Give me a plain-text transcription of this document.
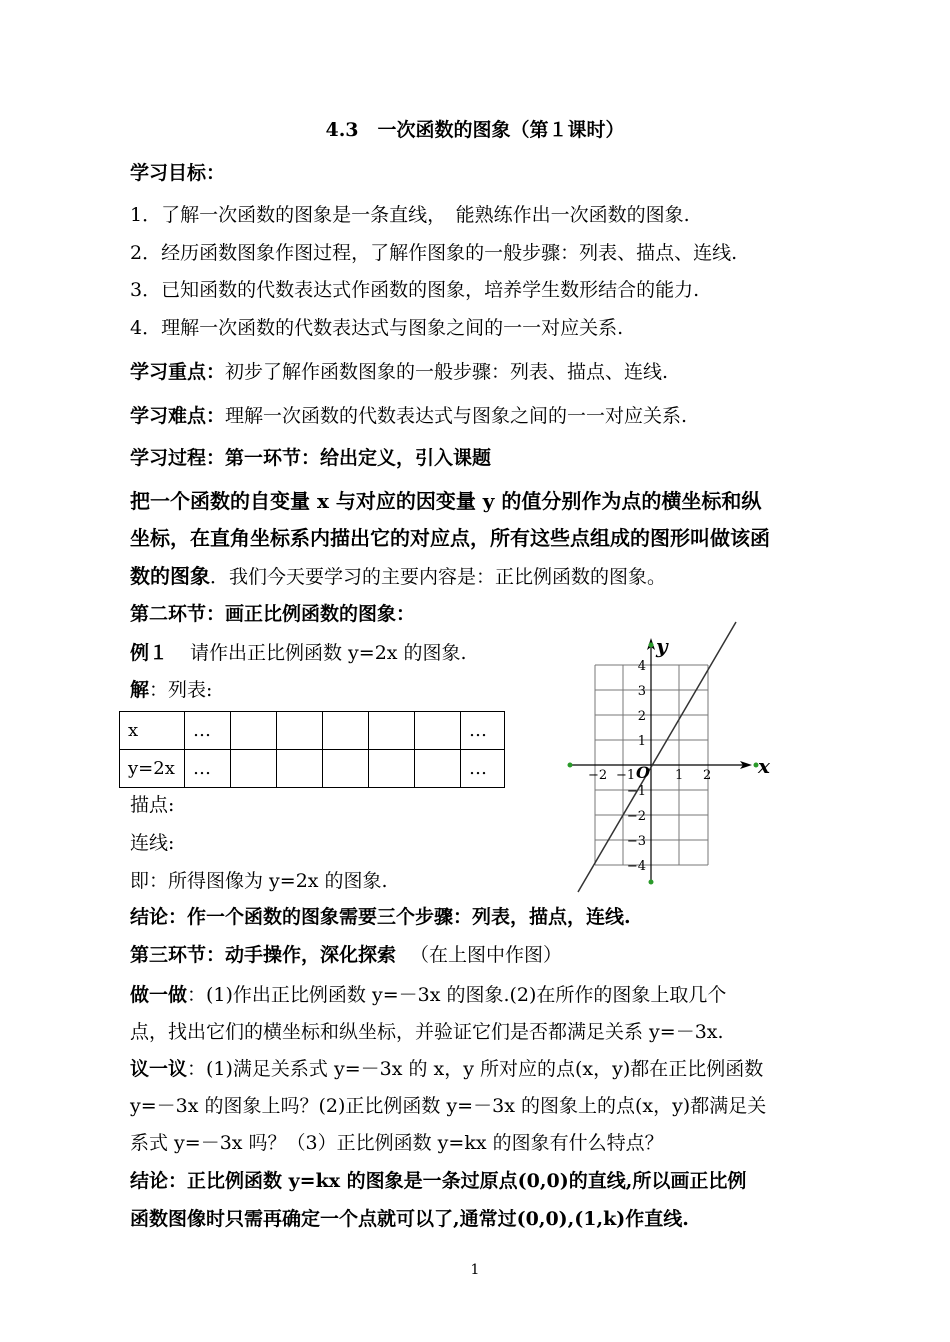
4.3　一次函数的图象（第１课时）
学习目标：
1．了解一次函数的图象是一条直线，　能熟练作出一次函数的图象.
2．经历函数图象作图过程，了解作图象的一般步骤：列表、描点、连线.
3．已知函数的代数表达式作函数的图象，培养学生数形结合的能力.
4．理解一次函数的代数表达式与图象之间的一一对应关系.
学习重点：初步了解作函数图象的一般步骤：列表、描点、连线.
学习难点：理解一次函数的代数表达式与图象之间的一一对应关系.
学习过程：第一环节：给出定义，引入课题
把一个函数的自变量 x 与对应的因变量 y 的值分别作为点的横坐标和纵
坐标，在直角坐标系内描出它的对应点，所有这些点组成的图形叫做该函
数的图象．我们今天要学习的主要内容是：正比例函数的图象。
第二环节：画正比例函数的图象：
例１ 请作出正比例函数 y=2x 的图象.
解：列表:
x	…						…
y=2x	…						…
描点:
连线:
即：所得图像为 y=2x 的图象.
y
x
O
−2 −1	1 2
4
3
2
1
−1
−2
−3
−4
结论：作一个函数的图象需要三个步骤：列表，描点，连线.
第三环节：动手操作，深化探索 （在上图中作图）
做一做：(1)作出正比例函数 y=－3x 的图象.(2)在所作的图象上取几个
点，找出它们的横坐标和纵坐标，并验证它们是否都满足关系 y=－3x.
议一议：(1)满足关系式 y=－3x 的 x，y 所对应的点(x，y)都在正比例函数
y=－3x 的图象上吗？(2)正比例函数 y=－3x 的图象上的点(x，y)都满足关
系式 y=－3x 吗？（3）正比例函数 y=kx 的图象有什么特点？
结论：正比例函数 y=kx 的图象是一条过原点(0,0)的直线,所以画正比例
函数图像时只需再确定一个点就可以了,通常过(0,0),(1,k)作直线.
1
